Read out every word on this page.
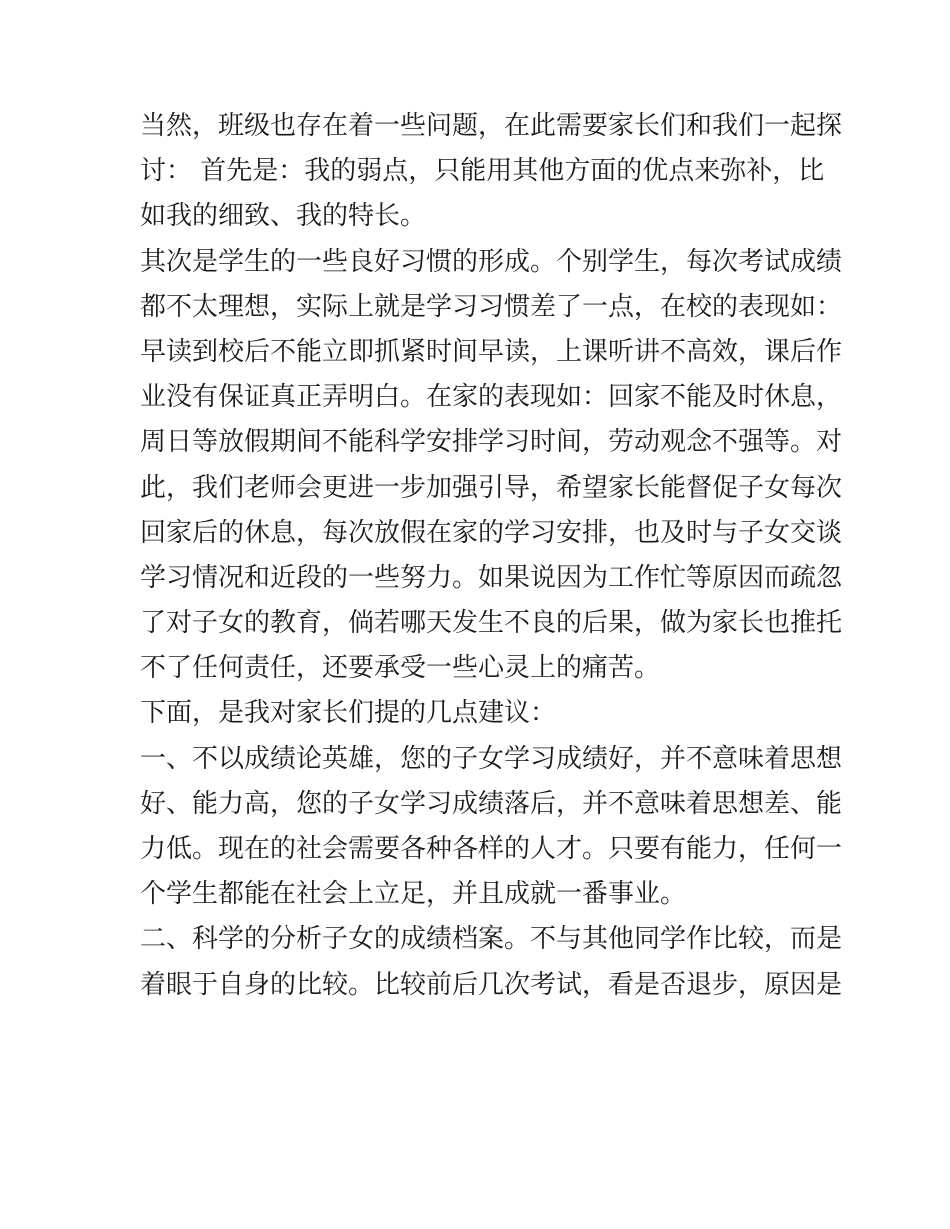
当然，班级也存在着一些问题，在此需要家长们和我们一起探
讨： 首先是：我的弱点，只能用其他方面的优点来弥补，比
如我的细致、我的特长。
其次是学生的一些良好习惯的形成。个别学生，每次考试成绩
都不太理想，实际上就是学习习惯差了一点，在校的表现如：
早读到校后不能立即抓紧时间早读，上课听讲不高效，课后作
业没有保证真正弄明白。在家的表现如：回家不能及时休息，
周日等放假期间不能科学安排学习时间，劳动观念不强等。对
此，我们老师会更进一步加强引导，希望家长能督促子女每次
回家后的休息，每次放假在家的学习安排，也及时与子女交谈
学习情况和近段的一些努力。如果说因为工作忙等原因而疏忽
了对子女的教育，倘若哪天发生不良的后果，做为家长也推托
不了任何责任，还要承受一些心灵上的痛苦。
下面，是我对家长们提的几点建议：
一、不以成绩论英雄，您的子女学习成绩好，并不意味着思想
好、能力高，您的子女学习成绩落后，并不意味着思想差、能
力低。现在的社会需要各种各样的人才。只要有能力，任何一
个学生都能在社会上立足，并且成就一番事业。
二、科学的分析子女的成绩档案。不与其他同学作比较，而是
着眼于自身的比较。比较前后几次考试，看是否退步，原因是
